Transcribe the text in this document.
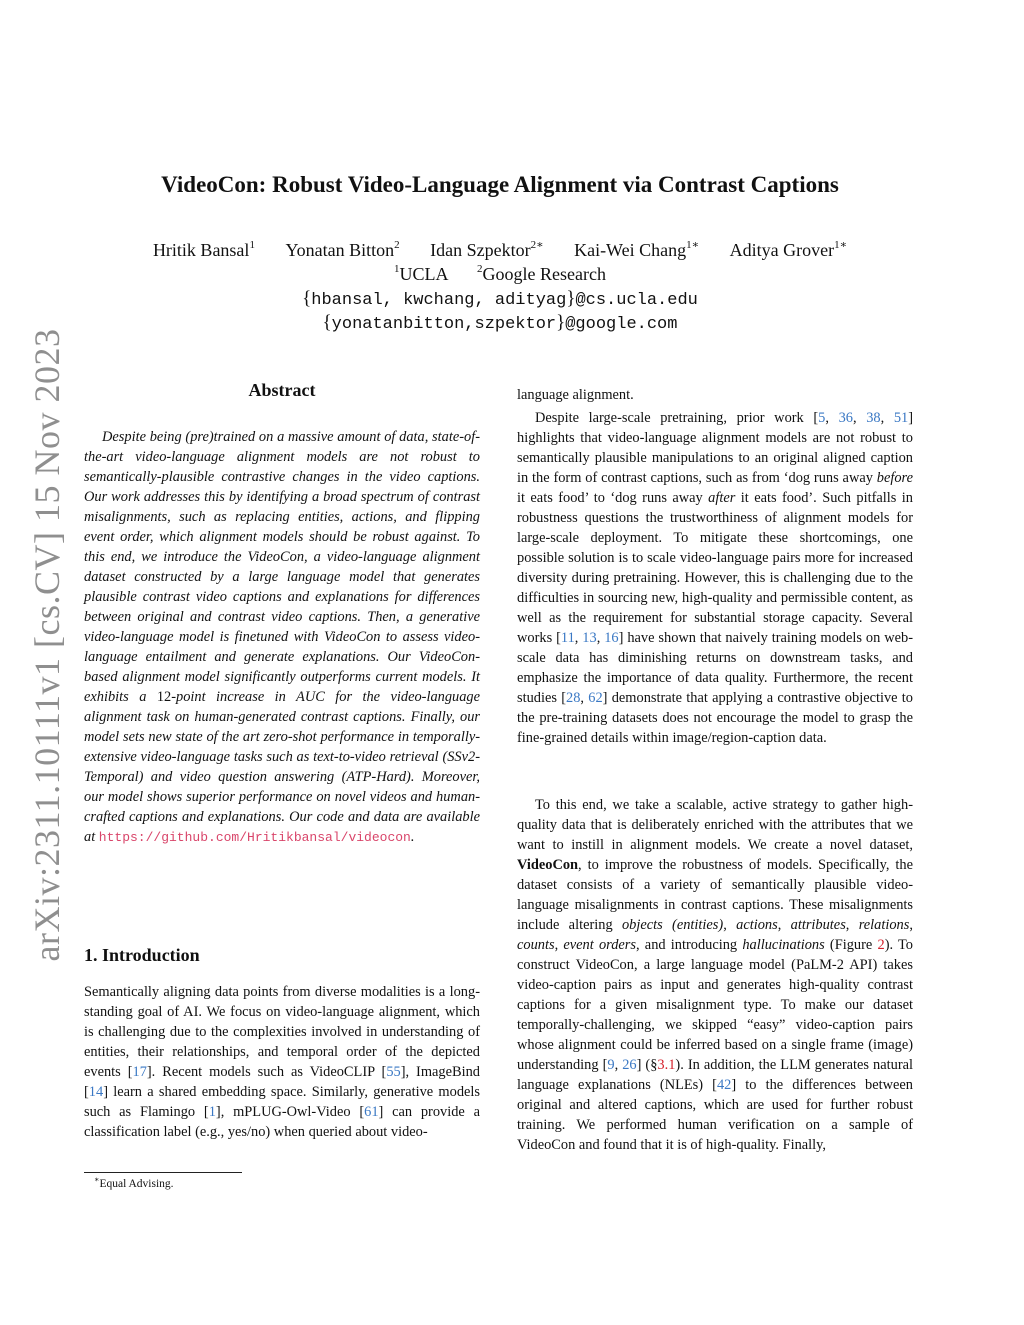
arXiv:2311.10111v1 [cs.CV] 15 Nov 2023
VideoCon: Robust Video-Language Alignment via Contrast Captions
Hritik Bansal$^1$ Yonatan Bitton$^2$ Idan Szpektor$^{2∗}$ Kai-Wei Chang$^{1∗}$ Aditya Grover$^{1∗}$
$^1$UCLA	$^2$Google Research
{hbansal, kwchang, adityag}@cs.ucla.edu
{yonatanbitton,szpektor}@google.com
Abstract
Despite being (pre)trained on a massive amount of data, state-of-the-art video-language alignment models are not robust to semantically-plausible contrastive changes in the video captions. Our work addresses this by identifying a broad spectrum of contrast misalignments, such as replacing entities, actions, and flipping event order, which alignment models should be robust against. To this end, we introduce the VideoCon, a video-language alignment dataset constructed by a large language model that generates plausible contrast video captions and explanations for differences between original and contrast video captions. Then, a generative video-language model is finetuned with VideoCon to assess video-language entailment and generate explanations. Our VideoCon-based alignment model significantly outperforms current models. It exhibits a 12-point increase in AUC for the video-language alignment task on human-generated contrast captions. Finally, our model sets new state of the art zero-shot performance in temporally-extensive video-language tasks such as text-to-video retrieval (SSv2-Temporal) and video question answering (ATP-Hard). Moreover, our model shows superior performance on novel videos and human-crafted captions and explanations. Our code and data are available at https://github.com/Hritikbansal/videocon.
1. Introduction
Semantically aligning data points from diverse modalities is a long-standing goal of AI. We focus on video-language alignment, which is challenging due to the complexities involved in understanding of entities, their relationships, and temporal order of the depicted events [17]. Recent models such as VideoCLIP [55], ImageBind [14] learn a shared embedding space. Similarly, generative models such as Flamingo [1], mPLUG-Owl-Video [61] can provide a classification label (e.g., yes/no) when queried about video-
∗Equal Advising.
language alignment.
Despite large-scale pretraining, prior work [5, 36, 38, 51] highlights that video-language alignment models are not robust to semantically plausible manipulations to an original aligned caption in the form of contrast captions, such as from ‘dog runs away before it eats food’ to ‘dog runs away after it eats food’. Such pitfalls in robustness questions the trustworthiness of alignment models for large-scale deployment. To mitigate these shortcomings, one possible solution is to scale video-language pairs more for increased diversity during pretraining. However, this is challenging due to the difficulties in sourcing new, high-quality and permissible content, as well as the requirement for substantial storage capacity. Several works [11, 13, 16] have shown that naively training models on web-scale data has diminishing returns on downstream tasks, and emphasize the importance of data quality. Furthermore, the recent studies [28, 62] demonstrate that applying a contrastive objective to the pre-training datasets does not encourage the model to grasp the fine-grained details within image/region-caption data.
To this end, we take a scalable, active strategy to gather high-quality data that is deliberately enriched with the attributes that we want to instill in alignment models. We create a novel dataset, VideoCon, to improve the robustness of models. Specifically, the dataset consists of a variety of semantically plausible video-language misalignments in contrast captions. These misalignments include altering objects (entities), actions, attributes, relations, counts, event orders, and introducing hallucinations (Figure 2). To construct VideoCon, a large language model (PaLM-2 API) takes video-caption pairs as input and generates high-quality contrast captions for a given misalignment type. To make our dataset temporally-challenging, we skipped “easy” video-caption pairs whose alignment could be inferred based on a single frame (image) understanding [9, 26] (§3.1). In addition, the LLM generates natural language explanations (NLEs) [42] to the differences between original and altered captions, which are used for further robust training. We performed human verification on a sample of VideoCon and found that it is of high-quality. Finally,
